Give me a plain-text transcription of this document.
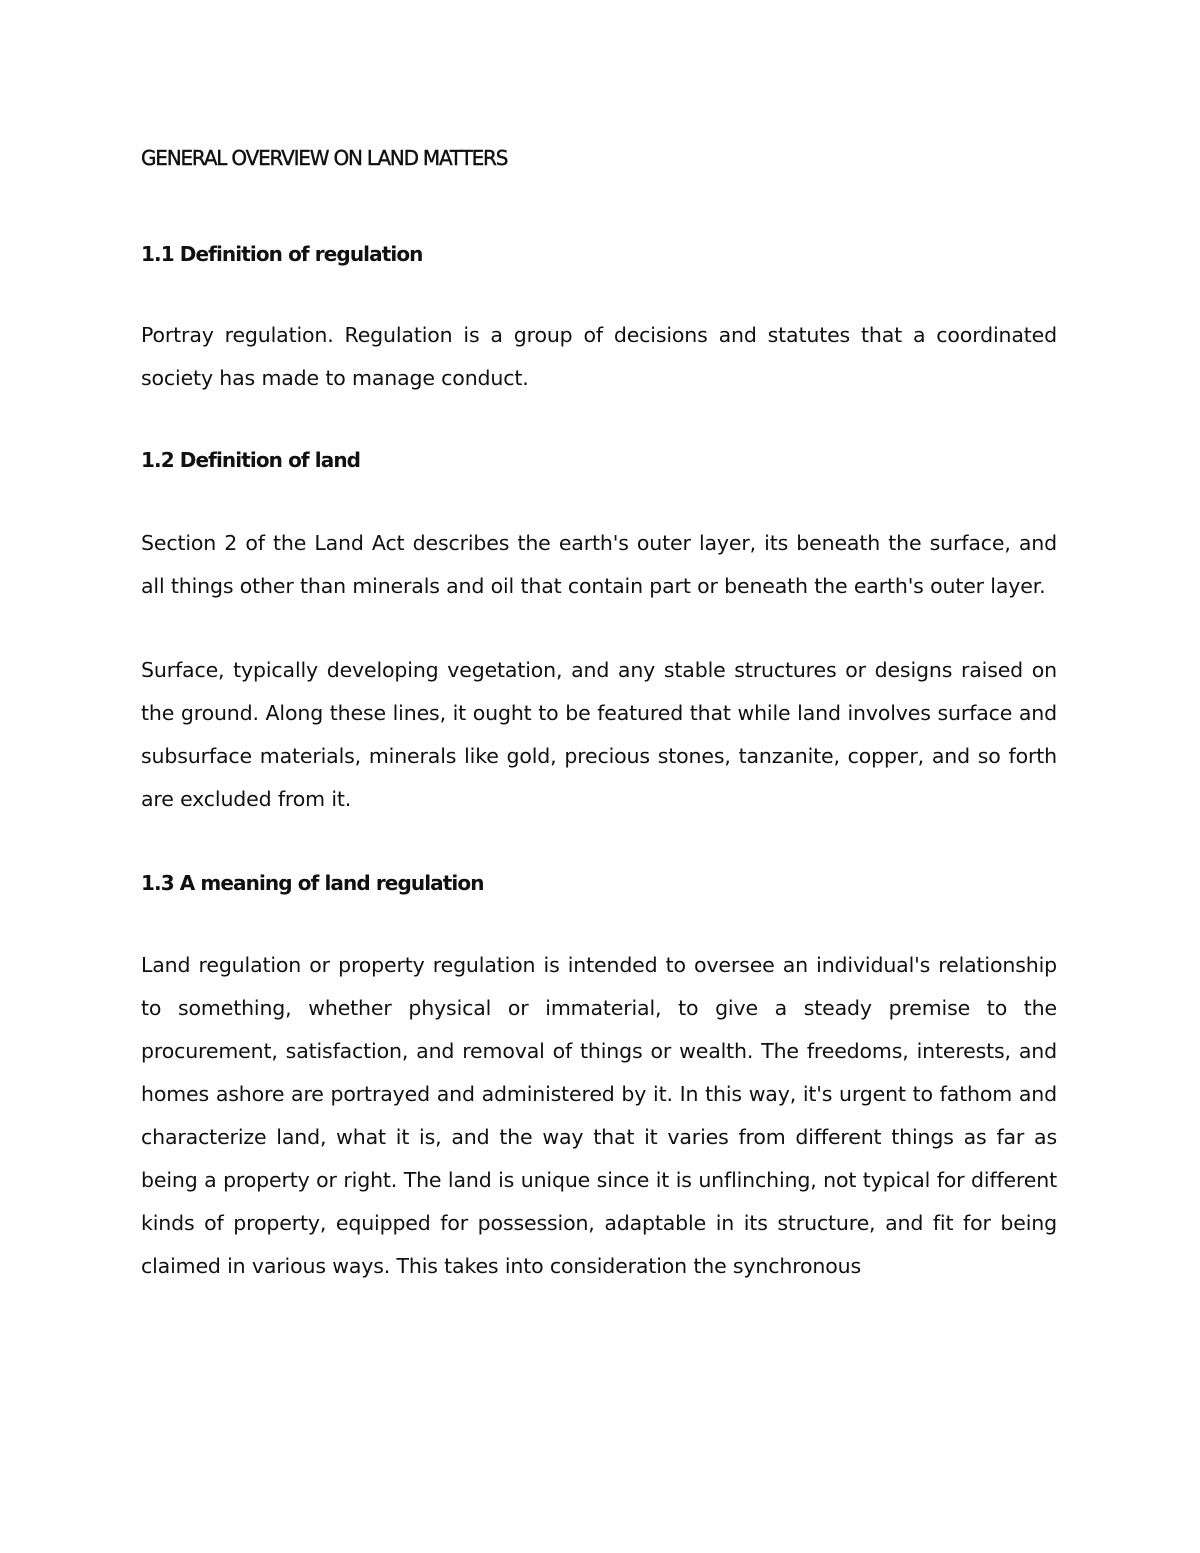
GENERAL OVERVIEW ON LAND MATTERS
1.1 Definition of regulation

Portray regulation. Regulation is a group of decisions and statutes that a coordinated society has made to manage conduct.

1.2 Definition of land

Section 2 of the Land Act describes the earth's outer layer, its beneath the surface, and all things other than minerals and oil that contain part or beneath the earth's outer layer.

Surface, typically developing vegetation, and any stable structures or designs raised on the ground. Along these lines, it ought to be featured that while land involves surface and subsurface materials, minerals like gold, precious stones, tanzanite, copper, and so forth are excluded from it.

1.3 A meaning of land regulation

Land regulation or property regulation is intended to oversee an individual's relationship to something, whether physical or immaterial, to give a steady premise to the procurement, satisfaction, and removal of things or wealth. The freedoms, interests, and homes ashore are portrayed and administered by it. In this way, it's urgent to fathom and characterize land, what it is, and the way that it varies from different things as far as being a property or right. The land is unique since it is unflinching, not typical for different kinds of property, equipped for possession, adaptable in its structure, and fit for being claimed in various ways. This takes into consideration the synchronous
